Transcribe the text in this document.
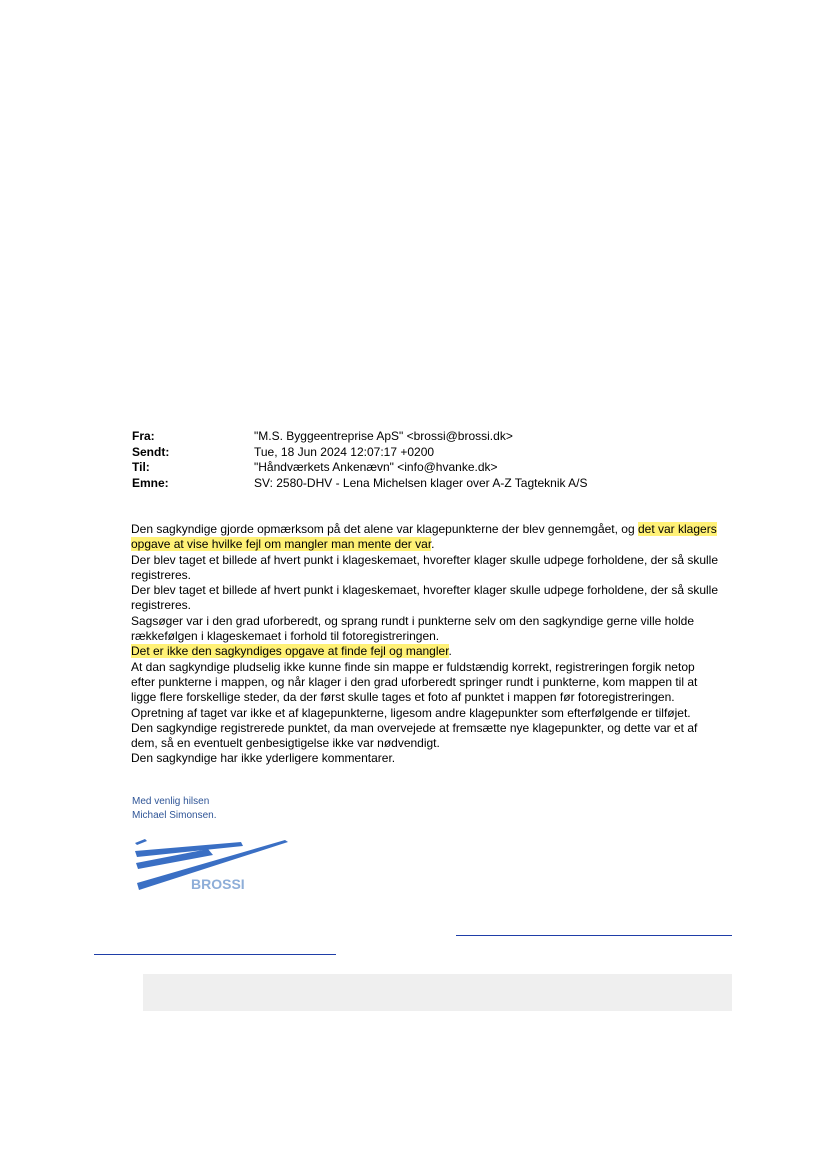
Fra:	"M.S. Byggeentreprise ApS" <brossi@brossi.dk>
Sendt:	Tue, 18 Jun 2024 12:07:17 +0200
Til:	"Håndværkets Ankenævn" <info@hvanke.dk>
Emne:	SV: 2580-DHV - Lena Michelsen klager over A-Z Tagteknik A/S
Den sagkyndige gjorde opmærksom på det alene var klagepunkterne der blev gennemgået, og det var klagers
opgave at vise hvilke fejl om mangler man mente der var.
Der blev taget et billede af hvert punkt i klageskemaet, hvorefter klager skulle udpege forholdene, der så skulle
registreres.
Der blev taget et billede af hvert punkt i klageskemaet, hvorefter klager skulle udpege forholdene, der så skulle
registreres.
Sagsøger var i den grad uforberedt, og sprang rundt i punkterne selv om den sagkyndige gerne ville holde
rækkefølgen i klageskemaet i forhold til fotoregistreringen.
Det er ikke den sagkyndiges opgave at finde fejl og mangler.
At dan sagkyndige pludselig ikke kunne finde sin mappe er fuldstændig korrekt, registreringen forgik netop
efter punkterne i mappen, og når klager i den grad uforberedt springer rundt i punkterne, kom mappen til at
ligge flere forskellige steder, da der først skulle tages et foto af punktet i mappen før fotoregistreringen.
Opretning af taget var ikke et af klagepunkterne, ligesom andre klagepunkter som efterfølgende er tilføjet.
Den sagkyndige registrerede punktet, da man overvejede at fremsætte nye klagepunkter, og dette var et af
dem, så en eventuelt genbesigtigelse ikke var nødvendigt.
Den sagkyndige har ikke yderligere kommentarer.
Med venlig hilsen
Michael Simonsen.
BROSSI
